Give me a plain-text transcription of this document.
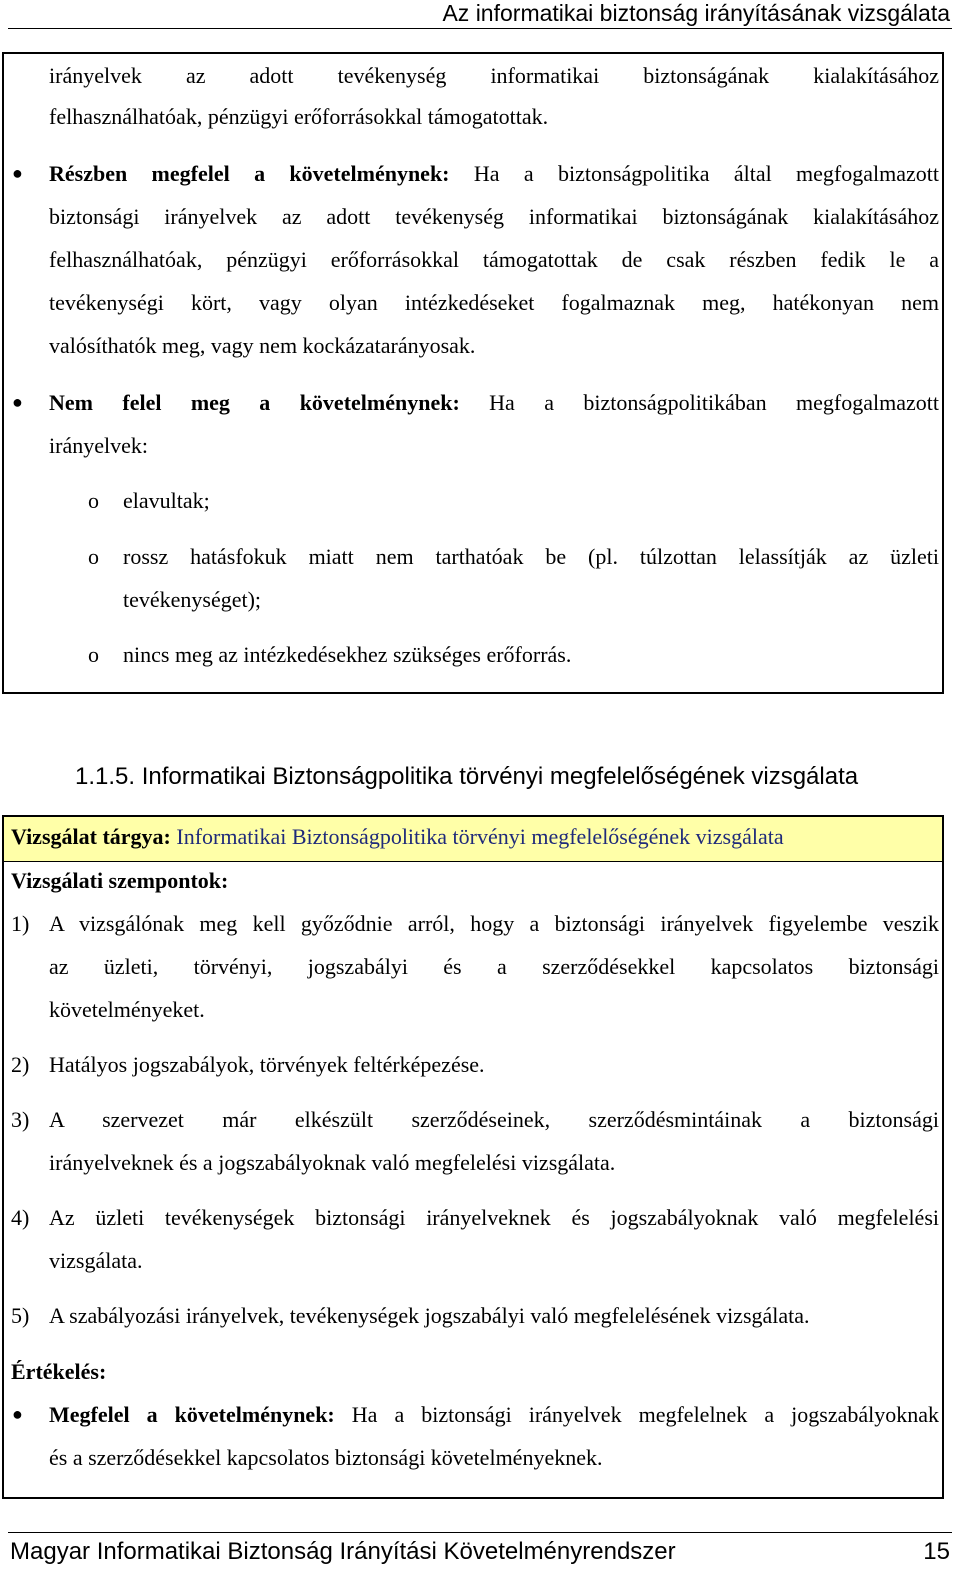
Az informatikai biztonság irányításának vizsgálata
irányelvek az adott tevékenység informatikai biztonságának kialakításához
felhasználhatóak, pénzügyi erőforrásokkal támogatottak.
● Részben megfelel a követelménynek: Ha a biztonságpolitika által megfogalmazott
biztonsági irányelvek az adott tevékenység informatikai biztonságának kialakításához
felhasználhatóak, pénzügyi erőforrásokkal támogatottak de csak részben fedik le a
tevékenységi kört, vagy olyan intézkedéseket fogalmaznak meg, hatékonyan nem
valósíthatók meg, vagy nem kockázatarányosak.
● Nem felel meg a követelménynek: Ha a biztonságpolitikában megfogalmazott
irányelvek:
o elavultak;
o rossz hatásfokuk miatt nem tarthatóak be (pl. túlzottan lelassítják az üzleti
tevékenységet);
o nincs meg az intézkedésekhez szükséges erőforrás.
1.1.5. Informatikai Biztonságpolitika törvényi megfelelőségének vizsgálata
Vizsgálat tárgya: Informatikai Biztonságpolitika törvényi megfelelőségének vizsgálata
Vizsgálati szempontok:
1) A vizsgálónak meg kell győződnie arról, hogy a biztonsági irányelvek figyelembe veszik
az üzleti, törvényi, jogszabályi és a szerződésekkel kapcsolatos biztonsági
követelményeket.
2) Hatályos jogszabályok, törvények feltérképezése.
3) A szervezet már elkészült szerződéseinek, szerződésmintáinak a biztonsági
irányelveknek és a jogszabályoknak való megfelelési vizsgálata.
4) Az üzleti tevékenységek biztonsági irányelveknek és jogszabályoknak való megfelelési
vizsgálata.
5) A szabályozási irányelvek, tevékenységek jogszabályi való megfelelésének vizsgálata.
Értékelés:
● Megfelel a követelménynek: Ha a biztonsági irányelvek megfelelnek a jogszabályoknak
és a szerződésekkel kapcsolatos biztonsági követelményeknek.
Magyar Informatikai Biztonság Irányítási Követelményrendszer	15
